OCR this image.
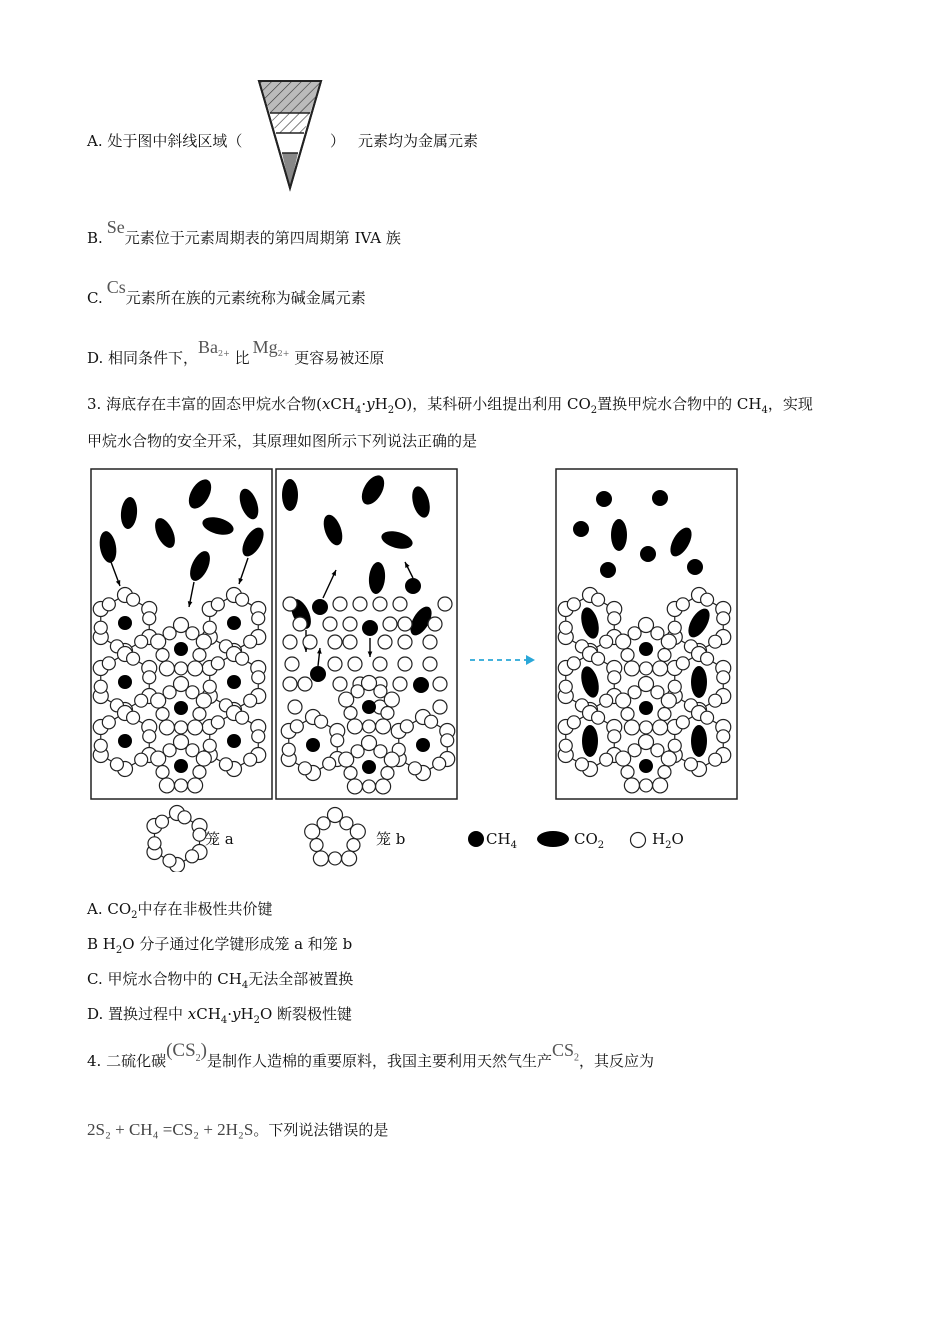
A. 处于图中斜线区域（	） 元素均为金属元素
B.Se元素位于元素周期表的第四周期第 IVA 族
C.Cs元素所在族的元素统称为碱金属元素
D. 相同条件下，$Ba^{2+}$ 比$Mg^{2+}$ 更容易被还原
3. 海底存在丰富的固态甲烷水合物$(xCH_4\cdot yH_2O)$，某科研小组提出利用 $CO_2$置换甲烷水合物中的 $CH_4$，实现
甲烷水合物的安全开采，其原理如图所示下列说法正确的是
笼 a	笼 b	$CH_4$	$CO_2$	$H_2O$
A. $CO_2$中存在非极性共价键
B $H_2O$ 分子通过化学键形成笼 a 和笼 b
C. 甲烷水合物中的 $CH_4$无法全部被置换
D. 置换过程中 $xCH_4\cdot yH_2O$ 断裂极性键
4. 二硫化碳$(CS_2)$是制作人造棉的重要原料，我国主要利用天然气生产$CS_2$，其反应为
2S₂ + CH₄ =CS₂ + 2H₂S。下列说法错误的是
